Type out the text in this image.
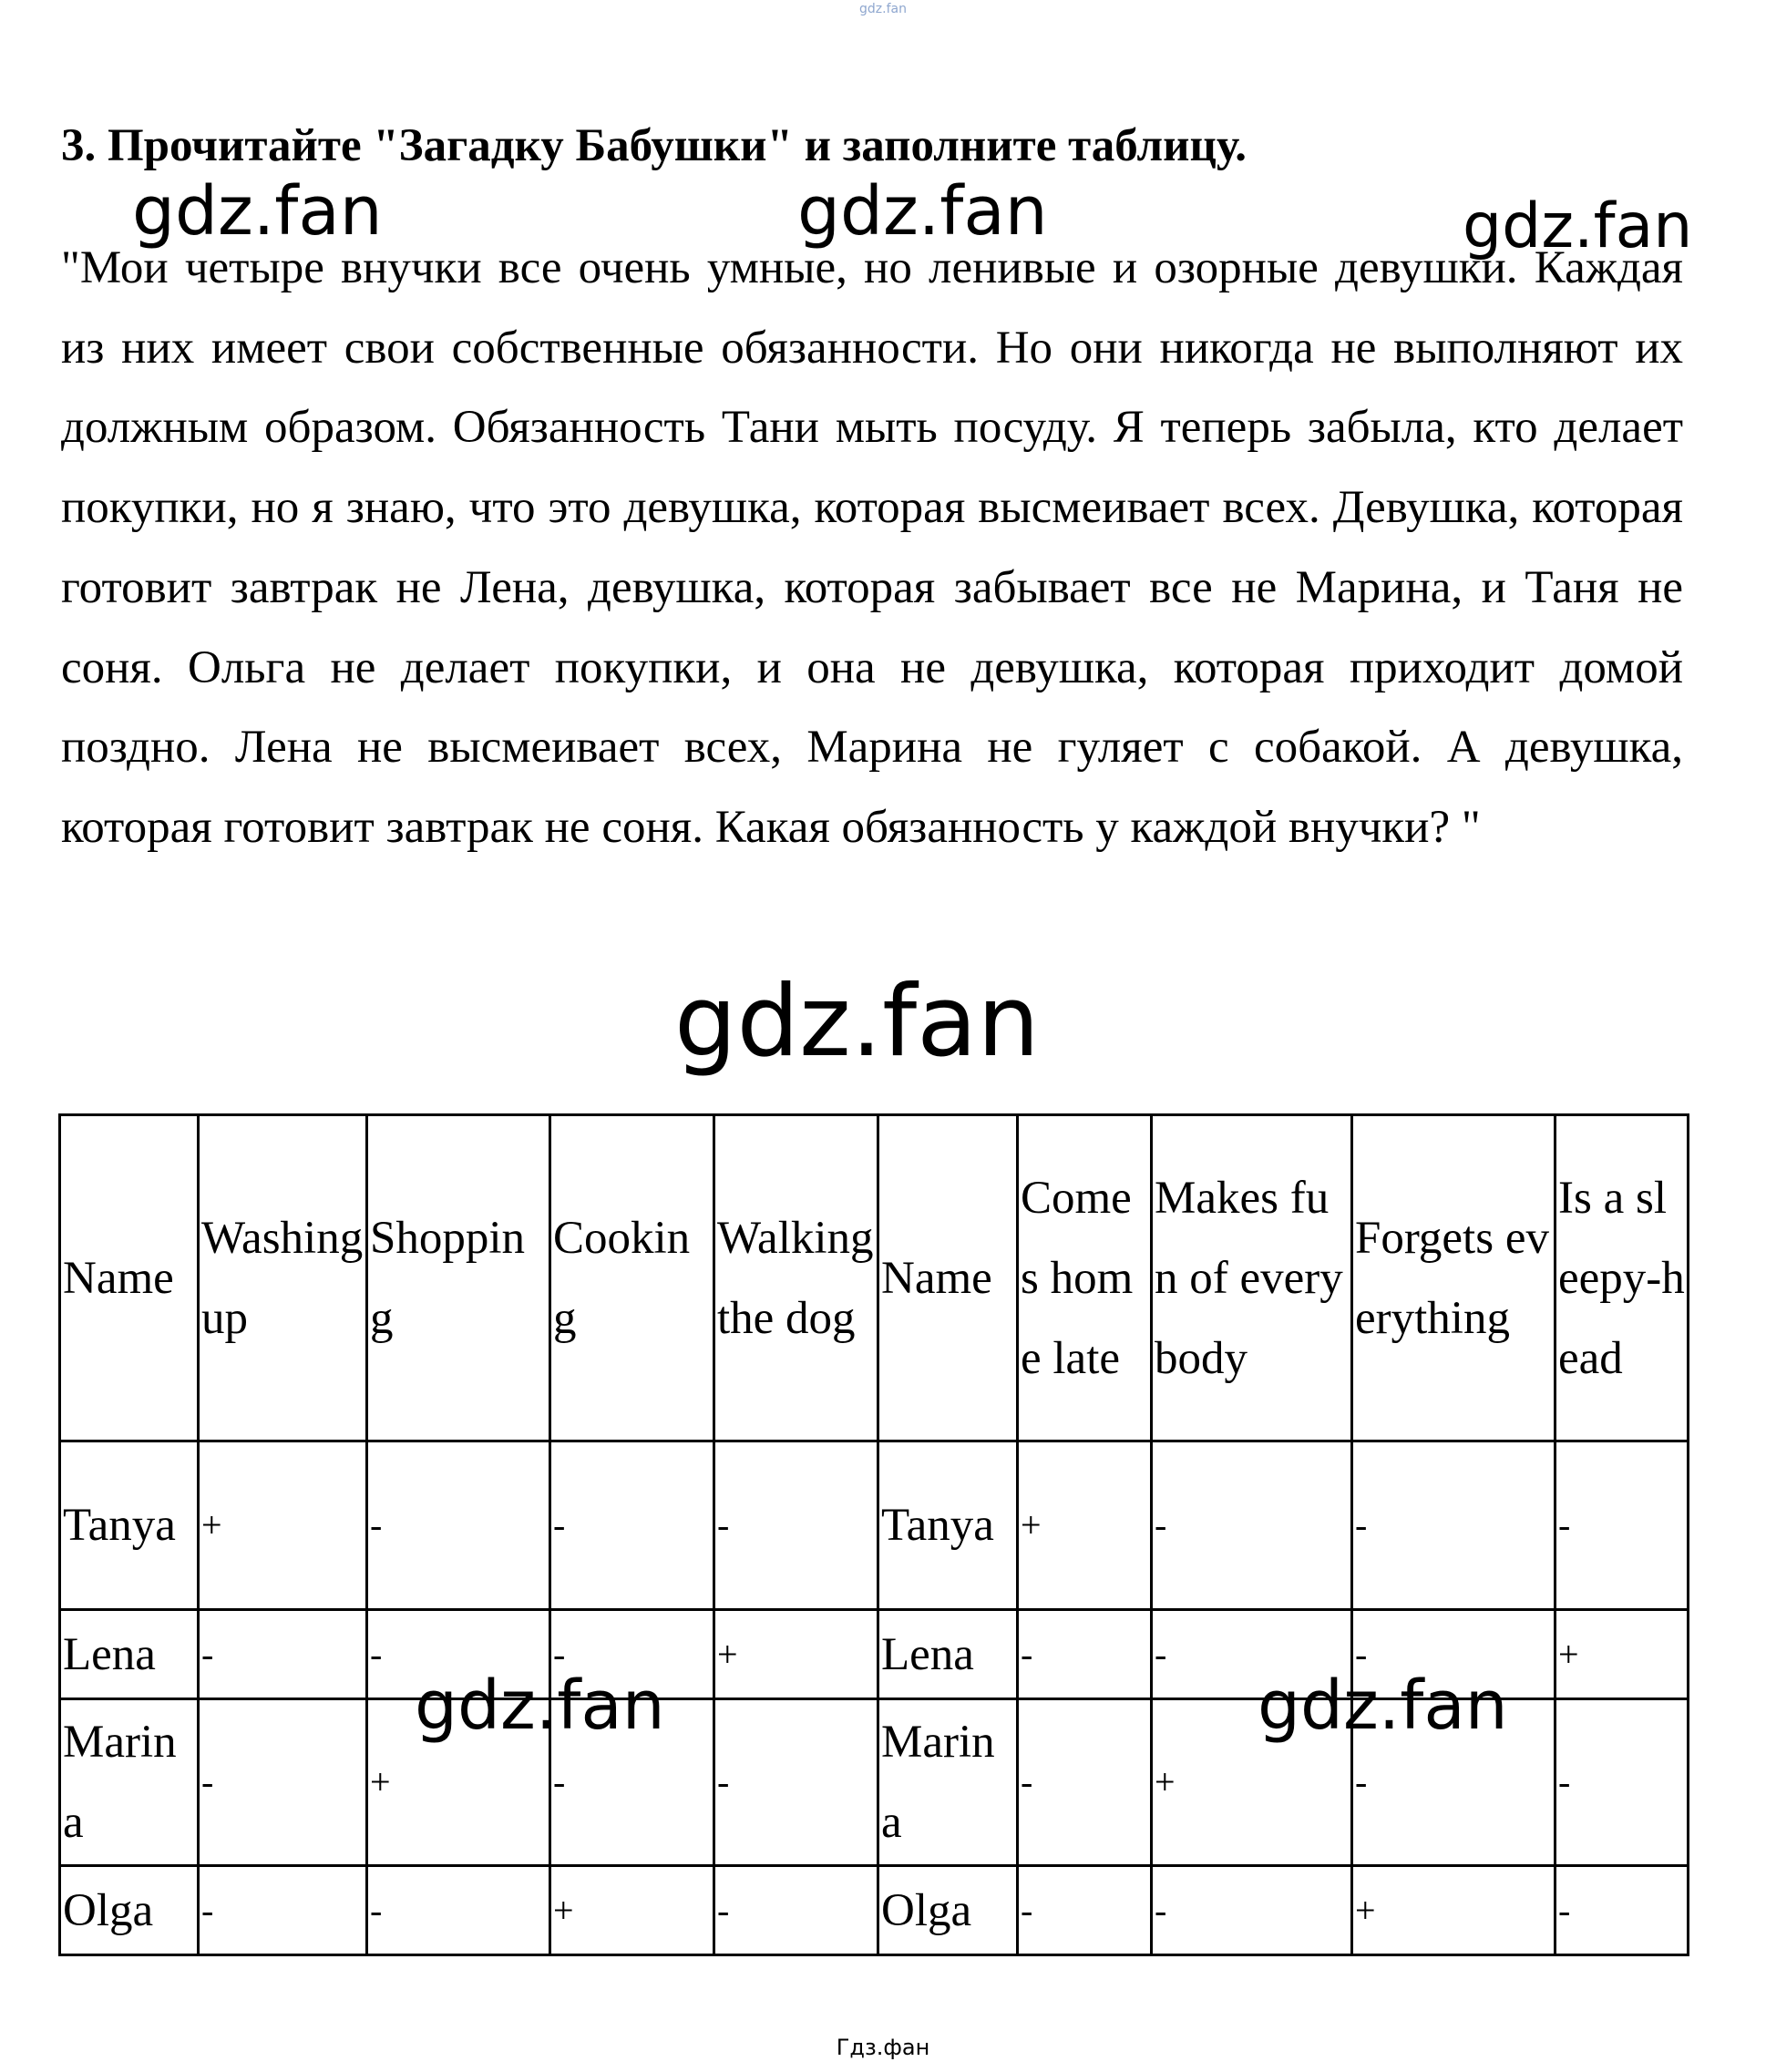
gdz.fan
3. Прочитайте "Загадку Бабушки" и заполните таблицу.

"Мои четыре внучки все очень умные, но ленивые и озорные девушки. Каждая из них имеет свои собственные обязанности. Но они никогда не выполняют их должным образом. Обязанность Тани мыть посуду. Я теперь забыла, кто делает покупки, но я знаю, что это девушка, которая высмеивает всех. Девушка, которая готовит завтрак не Лена, девушка, которая забывает все не Марина, и Таня не соня. Ольга не делает покупки, и она не девушка, которая приходит домой поздно. Лена не высмеивает всех, Марина не гуляет с собакой. А девушка, которая готовит завтрак не соня. Какая обязанность у каждой внучки? "

gdz.fan	gdz.fan	gdz.fan
Name	Washing up	Shopping	Cooking	Walking the dog	Name	Comes home late	Makes fun of everybody	Forgets everything	Is a sleepy-head
Tanya	+	-	-	-	Tanya	+	-	-	-
Lena	-	-	-	+	Lena	-	-	-	+
Marina	-	+	-	-	Marina	-	+	-	-
Olga	-	-	+	-	Olga	-	-	+	-
gdz.fan
gdz.fan	gdz.fan
Гдз.фан
